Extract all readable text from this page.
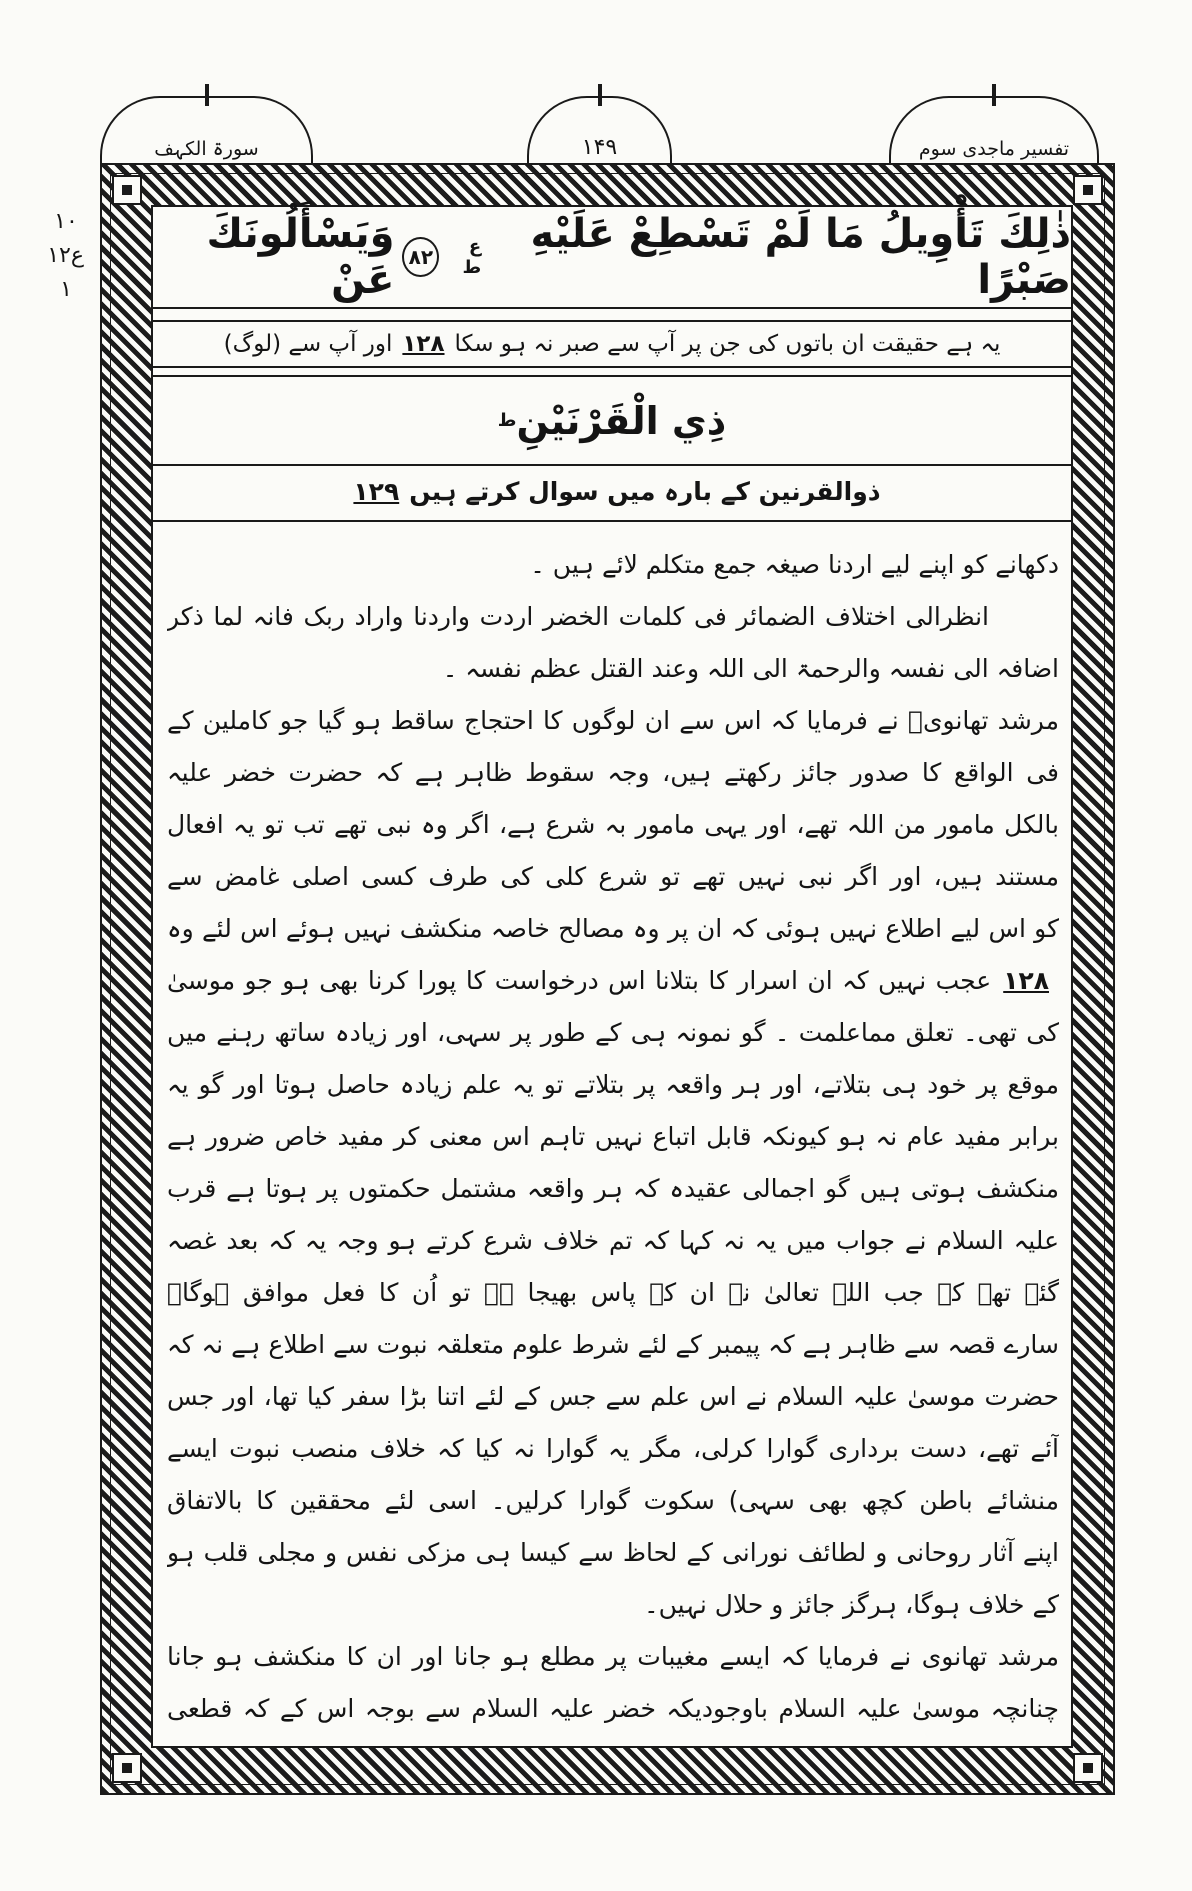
سورۃ الکہف	۱۴۹	تفسیر ماجدی سوم
۱۰
ع۱۲
۱
ذٰلِكَ تَأْوِيلُ مَا لَمْ تَسْطِعْ عَلَيْهِ صَبْرًا
ع ط
۸۲
وَيَسْأَلُونَكَ عَنْ
یہ ہے حقیقت ان باتوں کی جن پر آپ سے صبر نہ ہو سکا
۱۲۸
اور آپ سے (لوگ)
ذِي الْقَرْنَيْنِ
ط
ذوالقرنین کے بارہ میں سوال کرتے ہیں
۱۲۹
دکھانے کو اپنے لیے اردنا صیغہ جمع متکلم لائے ہیں ۔
انظرالی اختلاف الضمائر فی کلمات الخضر اردت واردنا واراد ربک فانہ لما ذکر
اضافہ الی نفسہ والرحمۃ الی اللہ وعند القتل عظم نفسہ ۔
مرشد تھانویؒ نے فرمایا کہ اس سے ان لوگوں کا احتجاج ساقط ہو گیا جو کاملین کے
فی الواقع کا صدور جائز رکھتے ہیں، وجہ سقوط ظاہر ہے کہ حضرت خضر علیہ
بالکل مامور من اللہ تھے، اور یہی مامور بہ شرع ہے، اگر وہ نبی تھے تب تو یہ افعال
مستند ہیں، اور اگر نبی نہیں تھے تو شرع کلی کی طرف کسی اصلی غامض سے
کو اس لیے اطلاع نہیں ہوئی کہ ان پر وہ مصالح خاصہ منکشف نہیں ہوئے اس لئے وہ
۱۲۸عجب نہیں کہ ان اسرار کا بتلانا اس درخواست کا پورا کرنا بھی ہو جو موسیٰ
کی تھی۔ تعلق مماعلمت ۔ گو نمونہ ہی کے طور پر سہی، اور زیادہ ساتھ رہنے میں
موقع پر خود ہی بتلاتے، اور ہر واقعہ پر بتلاتے تو یہ علم زیادہ حاصل ہوتا اور گو یہ
برابر مفید عام نہ ہو کیونکہ قابل اتباع نہیں تاہم اس معنی کر مفید خاص ضرور ہے
منکشف ہوتی ہیں گو اجمالی عقیدہ کہ ہر واقعہ مشتمل حکمتوں پر ہوتا ہے قرب
علیہ السلام نے جواب میں یہ نہ کہا کہ تم خلاف شرع کرتے ہو وجہ یہ کہ بعد غصہ
گئے تھے کہ جب اللہ تعالیٰ نے ان کے پاس بھیجا ہے تو اُن کا فعل موافق ہوگا۔
سارے قصہ سے ظاہر ہے کہ پیمبر کے لئے شرط علوم متعلقہ نبوت سے اطلاع ہے نہ کہ
حضرت موسیٰ علیہ السلام نے اس علم سے جس کے لئے اتنا بڑا سفر کیا تھا، اور جس
آئے تھے، دست برداری گوارا کرلی، مگر یہ گوارا نہ کیا کہ خلاف منصب نبوت ایسے
منشائے باطن کچھ بھی سہی) سکوت گوارا کرلیں۔ اسی لئے محققین کا بالاتفاق
اپنے آثار روحانی و لطائف نورانی کے لحاظ سے کیسا ہی مزکی نفس و مجلی قلب ہو
کے خلاف ہوگا، ہرگز جائز و حلال نہیں۔
مرشد تھانوی نے فرمایا کہ ایسے مغیبات پر مطلع ہو جانا اور ان کا منکشف ہو جانا
چنانچہ موسیٰ علیہ السلام باوجودیکہ خضر علیہ السلام سے بوجہ اس کے کہ قطعی
